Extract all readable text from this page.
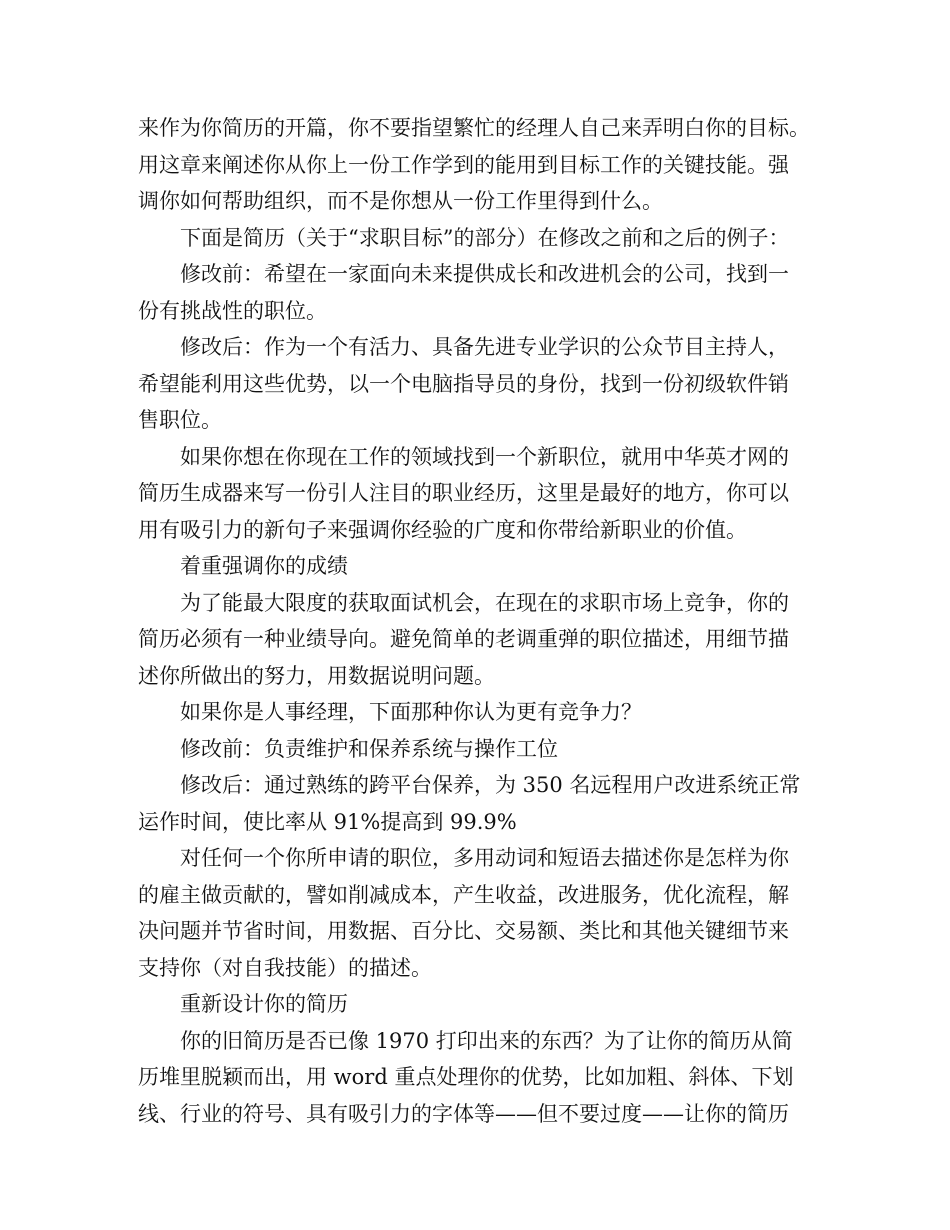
来作为你简历的开篇，你不要指望繁忙的经理人自己来弄明白你的目标。

用这章来阐述你从你上一份工作学到的能用到目标工作的关键技能。强

调你如何帮助组织，而不是你想从一份工作里得到什么。

下面是简历（关于“求职目标”的部分）在修改之前和之后的例子：

修改前：希望在一家面向未来提供成长和改进机会的公司，找到一

份有挑战性的职位。

修改后：作为一个有活力、具备先进专业学识的公众节目主持人，

希望能利用这些优势，以一个电脑指导员的身份，找到一份初级软件销

售职位。

如果你想在你现在工作的领域找到一个新职位，就用中华英才网的

简历生成器来写一份引人注目的职业经历，这里是最好的地方，你可以

用有吸引力的新句子来强调你经验的广度和你带给新职业的价值。

着重强调你的成绩

为了能最大限度的获取面试机会，在现在的求职市场上竞争，你的

简历必须有一种业绩导向。避免简单的老调重弹的职位描述，用细节描

述你所做出的努力，用数据说明问题。

如果你是人事经理，下面那种你认为更有竞争力？

修改前：负责维护和保养系统与操作工位

修改后：通过熟练的跨平台保养，为 350 名远程用户改进系统正常

运作时间，使比率从 91%提高到 99.9%

对任何一个你所申请的职位，多用动词和短语去描述你是怎样为你

的雇主做贡献的，譬如削减成本，产生收益，改进服务，优化流程，解

决问题并节省时间，用数据、百分比、交易额、类比和其他关键细节来

支持你（对自我技能）的描述。

重新设计你的简历

你的旧简历是否已像 1970 打印出来的东西？为了让你的简历从简

历堆里脱颖而出，用 word 重点处理你的优势，比如加粗、斜体、下划

线、行业的符号、具有吸引力的字体等——但不要过度——让你的简历
